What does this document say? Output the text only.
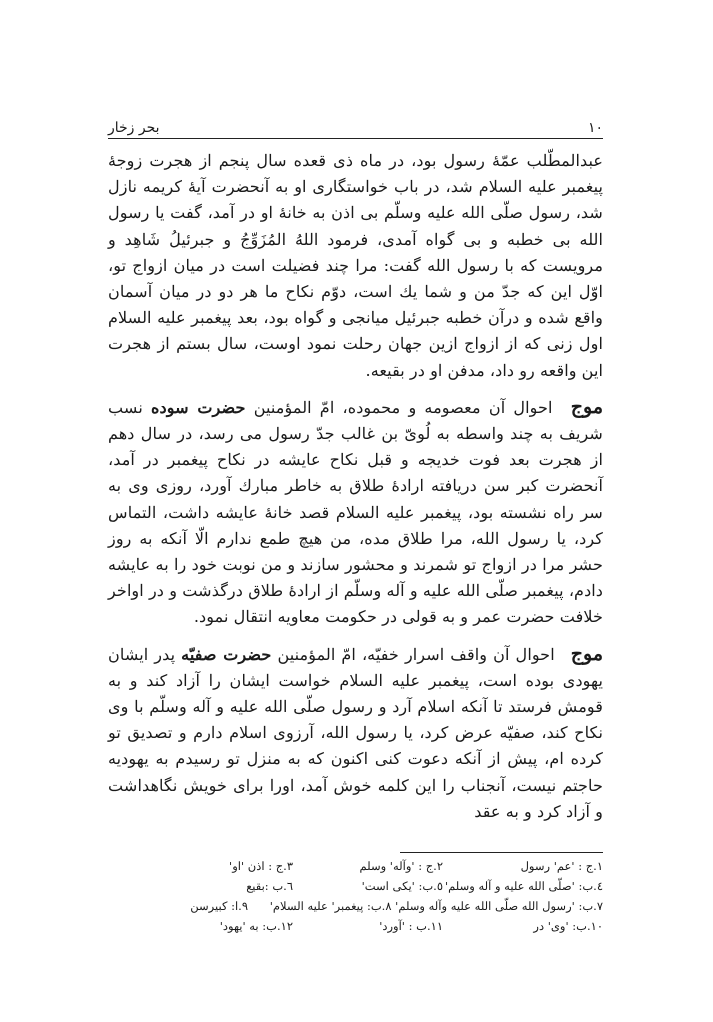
۱۰
بحر زخار

عبدالمطّلب عمّه‌ٔ رسول بود، در ماه ذی قعده سال پنجم از هجرت زوجهٔ پیغمبر علیه السلام شد، در باب خواستگاری او به آنحضرت آیهٔ کریمه نازل شد، رسول صلّی الله علیه وسلّم بی اذن به خانهٔ او در آمد، گفت یا رسول الله بی خطبه و بی گواه آمدی، فرمود اللهُ المُزَوِّجُ و جبرئیلُ شَاهِد و مرویست که با رسول الله گفت: مرا چند فضیلت است در میان ازواج تو، اوّل این که جدّ من و شما یك است، دوّم نکاح ما هر دو در میان آسمان واقع شده و درآن خطبه جبرئیل میانجی و گواه بود، بعد پیغمبر علیه السلام اول زنی که از ازواج ازین جهان رحلت نمود اوست، سال بستم از هجرت این واقعه رو داد، مدفن او در بقیعه.

موج احوال آن معصومه و محموده، امّ المؤمنین حضرت سوده نسب شریف به چند واسطه به لُویّ بن غالب جدّ رسول می رسد، در سال دهم از هجرت بعد فوت خدیجه و قبل نکاح عایشه در نکاح پیغمبر در آمد، آنحضرت کبر سن دریافته ارادهٔ طلاق به خاطر مبارك آورد، روزی وی به سر راه نشسته بود، پیغمبر علیه السلام قصد خانهٔ عایشه داشت، التماس کرد، یا رسول الله، مرا طلاق مده، من هیچ طمع ندارم الّا آنکه به روز حشر مرا در ازواج تو شمرند و محشور سازند و من نوبت خود را به عایشه دادم، پیغمبر صلّی الله علیه و آله وسلّم از ارادهٔ طلاق درگذشت و در اواخر خلافت حضرت عمر و به قولی در حکومت معاویه انتقال نمود.

موج احوال آن واقف اسرار خفیّه، امّ المؤمنین حضرت صفیّه پدر ایشان یهودی بوده است، پیغمبر علیه السلام خواست ایشان را آزاد کند و به قومش فرستد تا آنکه اسلام آرد و رسول صلّی الله علیه و آله وسلّم با وی نکاح کند، صفیّه عرض کرد، یا رسول الله، آرزوی اسلام دارم و تصدیق تو کرده ام، پیش از آنکه دعوت کنی اکنون که به منزل تو رسیدم به یهودیه حاجتم نیست، آنجناب را این کلمه خوش آمد، اورا برای خویش نگاهداشت و آزاد کرد و به عقد

۱.ج : 'عم' رسول
۲.ج : 'وآله' وسلم
۳.ج : اذن 'او'
٤.ب: 'صلّی الله علیه و آله وسلم'
٥.ب: 'یکی است'
٦.ب :بقیع
۷.ب: 'رسول الله صلّی الله علیه وآله وسلم' ۸.ب: پیغمبر' علیه السلام'
۹.ا: کبیرسن
۱۰.ب: 'وی' در
۱۱.ب : 'آورد'
۱۲.ب: به 'یهود'
